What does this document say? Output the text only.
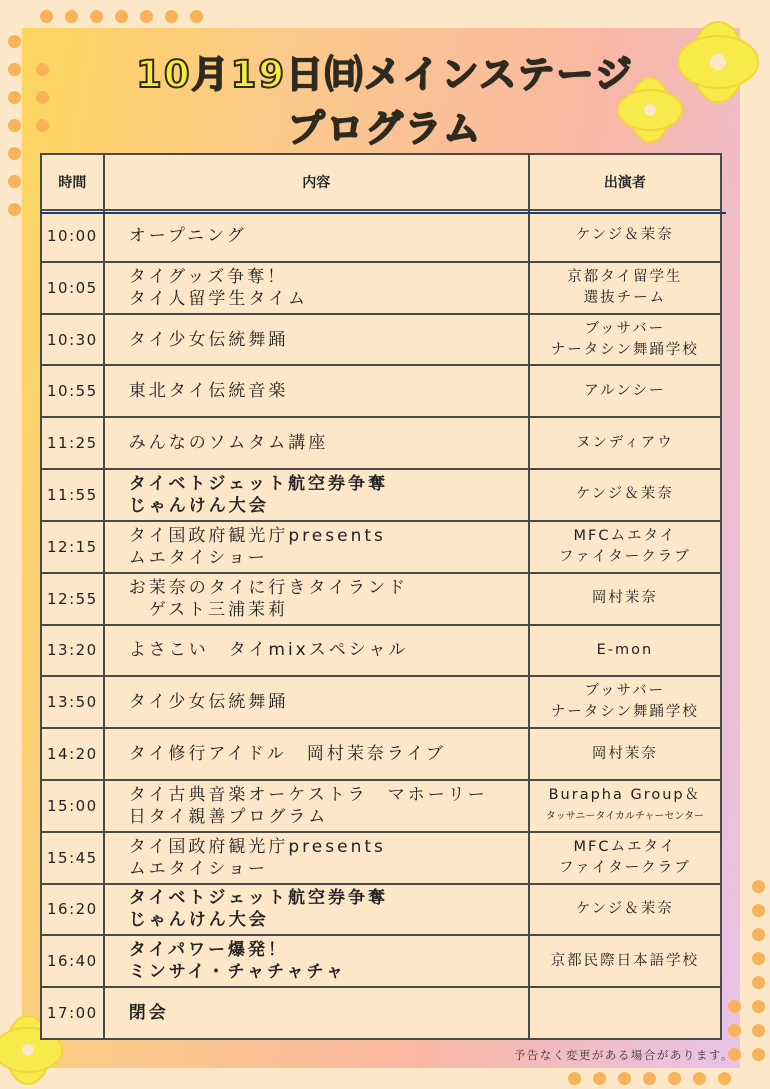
10月19日㈰メインステージ
プログラム
時間	内容	出演者
10:00	オープニング	ケンジ＆茉奈

10:05	タイグッズ争奪！
タイ人留学生タイム	京都タイ留学生
選抜チーム

10:30	タイ少女伝統舞踊	ブッサバー
ナータシン舞踊学校

10:55	東北タイ伝統音楽	アルンシー

11:25	みんなのソムタム講座	ヌンディアウ

11:55	タイベトジェット航空券争奪
じゃんけん大会	ケンジ＆茉奈

12:15	タイ国政府観光庁presents
ムエタイショー	MFCムエタイ
ファイタークラブ

12:55	お茉奈のタイに行きタイランド
　ゲスト三浦茉莉	岡村茉奈

13:20	よさこい　タイmixスペシャル	E-mon

13:50	タイ少女伝統舞踊	ブッサバー
ナータシン舞踊学校

14:20	タイ修行アイドル　岡村茉奈ライブ	岡村茉奈

15:00	タイ古典音楽オーケストラ　マホーリー
日タイ親善プログラム	Burapha Group＆
タッサニータイカルチャーセンター

15:45	タイ国政府観光庁presents
ムエタイショー	MFCムエタイ
ファイタークラブ

16:20	タイベトジェット航空券争奪
じゃんけん大会	ケンジ＆茉奈

16:40	タイパワー爆発！
ミンサイ・チャチャチャ	京都民際日本語学校

17:00	閉会	

予告なく変更がある場合があります。
